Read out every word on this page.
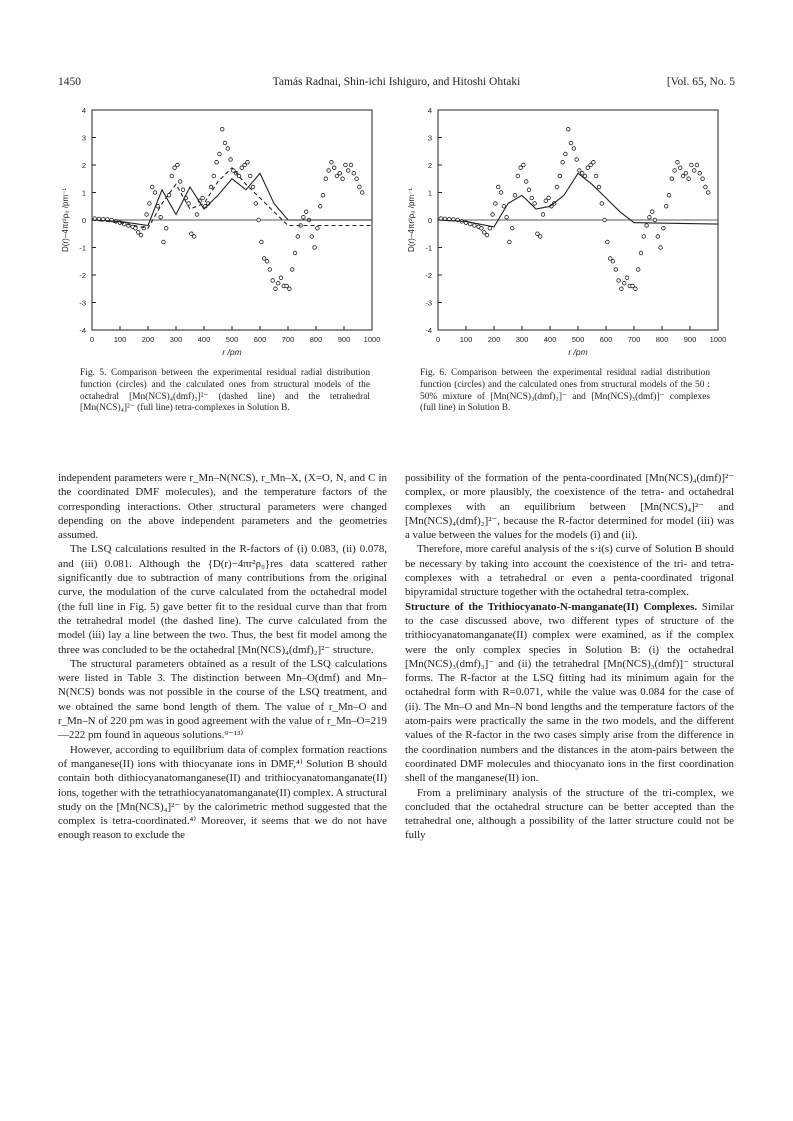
1450	Tamás Radnai, Shin-ichi Ishiguro, and Hitoshi Ohtaki	[Vol. 65, No. 5
0	100 200 300 400 500 600 700 800 900 1000
4
3
2
1
0
-1
-2
-3
-4
r /pm
D(r)−4πr²ρ₀ /pm⁻¹
0	100 200 300 400 500 600 700 800 900 1000
4
3
2
1
0
-1
-2
-3
-4
r /pm
D(r)−4πr²ρ₀ /pm⁻¹
Fig. 5. Comparison between the experimental residual radial distribution function (circles) and the calculated ones from structural models of the octahedral [Mn(NCS)₄(dmf)₂]²⁻ (dashed line) and the tetrahedral [Mn(NCS)₄]²⁻ (full line) tetra-complexes in Solution B.
Fig. 6. Comparison between the experimental residual radial distribution function (circles) and the calculated ones from structural models of the 50 : 50% mixture of [Mn(NCS)₃(dmf)₃]⁻ and [Mn(NCS)₃(dmf)]⁻ complexes (full line) in Solution B.

independent parameters were r_Mn–N(NCS), r_Mn–X, (X=O, N, and C in the coordinated DMF molecules), and the temperature factors of the corresponding interactions. Other structural parameters were changed depending on the above independent parameters and the geometries assumed.

The LSQ calculations resulted in the R-factors of (i) 0.083, (ii) 0.078, and (iii) 0.081. Although the {D(r)−4πr²ρ₀}res data scattered rather significantly due to subtraction of many contributions from the original curve, the modulation of the curve calculated from the octahedral model (the full line in Fig. 5) gave better fit to the residual curve than that from the tetrahedral model (the dashed line). The curve calculated from the model (iii) lay a line between the two. Thus, the best fit model among the three was concluded to be the octahedral [Mn(NCS)₄(dmf)₂]²⁻ structure.

The structural parameters obtained as a result of the LSQ calculations were listed in Table 3. The distinction between Mn–O(dmf) and Mn–N(NCS) bonds was not possible in the course of the LSQ treatment, and we obtained the same bond length of them. The value of r_Mn–O and r_Mn–N of 220 pm was in good agreement with the value of r_Mn–O=219—222 pm found in aqueous solutions.⁹⁻¹³⁾

However, according to equilibrium data of complex formation reactions of manganese(II) ions with thiocyanate ions in DMF,⁴⁾ Solution B should contain both dithiocyanatomanganese(II) and trithiocyanatomanganate(II) ions, together with the tetrathiocyanatomanganate(II) complex. A structural study on the [Mn(NCS)₄]²⁻ by the calorimetric method suggested that the complex is tetra-coordinated.⁴⁾ Moreover, it seems that we do not have enough reason to exclude the

possibility of the formation of the penta-coordinated [Mn(NCS)₄(dmf)]²⁻ complex, or more plausibly, the coexistence of the tetra- and octahedral complexes with an equilibrium between [Mn(NCS)₄]²⁻ and [Mn(NCS)₄(dmf)₂]²⁻, because the R-factor determined for model (iii) was a value between the values for the models (i) and (ii).

Therefore, more careful analysis of the s·i(s) curve of Solution B should be necessary by taking into account the coexistence of the tri- and tetra-complexes with a tetrahedral or even a penta-coordinated trigonal bipyramidal structure together with the octahedral tetra-complex.

Structure of the Trithiocyanato-N-manganate(II) Complexes. Similar to the case discussed above, two different types of structure of the trithiocyanatomanganate(II) complex were examined, as if the complex were the only complex species in Solution B: (i) the octahedral [Mn(NCS)₃(dmf)₃]⁻ and (ii) the tetrahedral [Mn(NCS)₃(dmf)]⁻ structural forms. The R-factor at the LSQ fitting had its minimum again for the octahedral form with R=0.071, while the value was 0.084 for the case of (ii). The Mn–O and Mn–N bond lengths and the temperature factors of the atom-pairs were practically the same in the two models, and the different values of the R-factor in the two cases simply arise from the difference in the coordination numbers and the distances in the atom-pairs between the coordinated DMF molecules and thiocyanato ions in the first coordination shell of the manganese(II) ion.

From a preliminary analysis of the structure of the tri-complex, we concluded that the octahedral structure can be better accepted than the tetrahedral one, although a possibility of the latter structure could not be fully
